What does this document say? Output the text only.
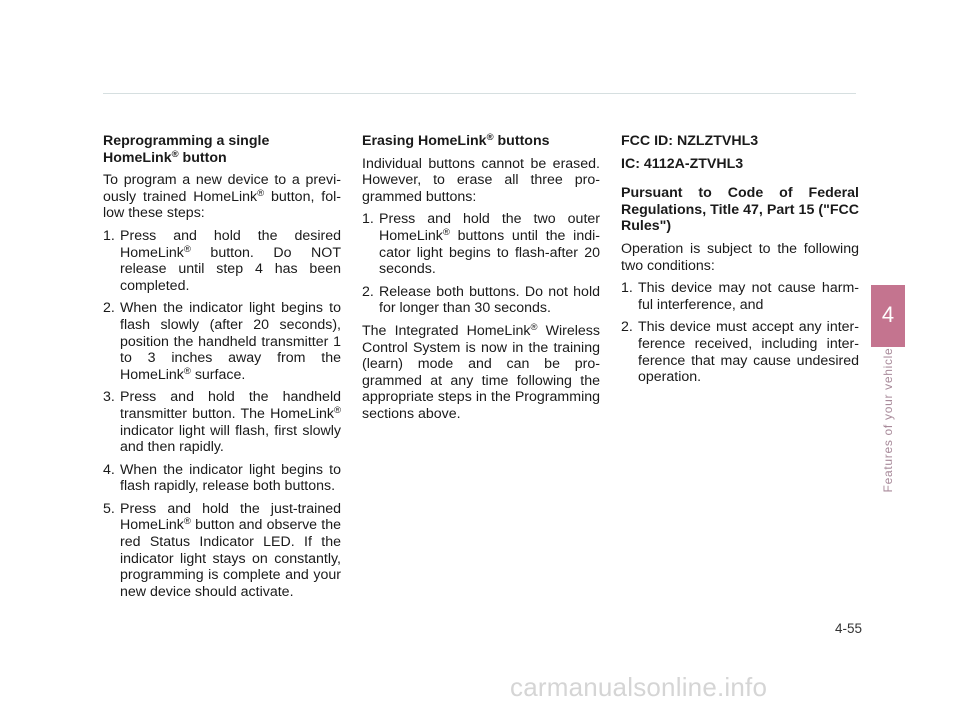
Reprogramming a single
HomeLink® button

To program a new device to a previ-ously trained HomeLink® button, fol-low these steps:

1. Press and hold the desired HomeLink® button. Do NOT release until step 4 has been completed.
2. When the indicator light begins to flash slowly (after 20 seconds), position the handheld transmitter 1 to 3 inches away from the HomeLink® surface.
3. Press and hold the handheld transmitter button. The HomeLink® indicator light will flash, first slowly and then rapidly.
4. When the indicator light begins to flash rapidly, release both buttons.
5. Press and hold the just-trained HomeLink® button and observe the red Status Indicator LED. If the indicator light stays on constantly, programming is complete and your new device should activate.

Erasing HomeLink® buttons

Individual buttons cannot be erased. However, to erase all three pro-grammed buttons:

1. Press and hold the two outer HomeLink® buttons until the indi-cator light begins to flash-after 20 seconds.
2. Release both buttons. Do not hold for longer than 30 seconds.

The Integrated HomeLink® Wireless Control System is now in the training (learn) mode and can be pro-grammed at any time following the appropriate steps in the Programming sections above.

FCC ID: NZLZTVHL3

IC: 4112A-ZTVHL3

Pursuant to Code of Federal Regulations, Title 47, Part 15 ("FCC Rules")

Operation is subject to the following two conditions:

1. This device may not cause harm-ful interference, and
2. This device must accept any inter-ference received, including inter-ference that may cause undesired operation.
4
Features of your vehicle
4-55
carmanualsonline.info
